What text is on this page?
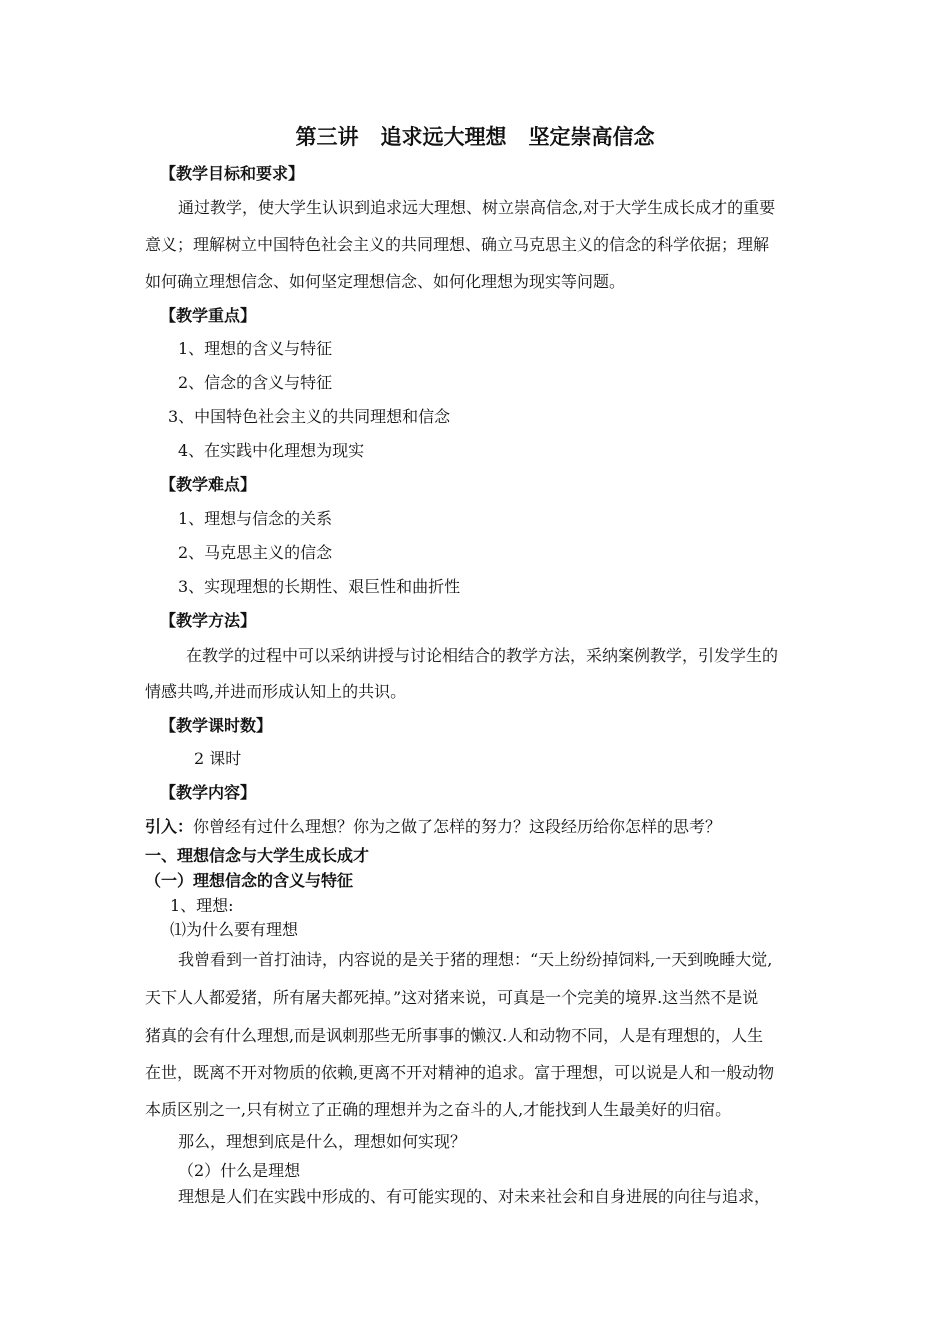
第三讲 追求远大理想 坚定崇高信念
【教学目标和要求】
通过教学，使大学生认识到追求远大理想、树立崇高信念,对于大学生成长成才的重要
意义；理解树立中国特色社会主义的共同理想、确立马克思主义的信念的科学依据；理解
如何确立理想信念、如何坚定理想信念、如何化理想为现实等问题。
【教学重点】
1、理想的含义与特征
2、信念的含义与特征
3、中国特色社会主义的共同理想和信念
4、在实践中化理想为现实
【教学难点】
1、理想与信念的关系
2、马克思主义的信念
3、实现理想的长期性、艰巨性和曲折性
【教学方法】
在教学的过程中可以采纳讲授与讨论相结合的教学方法，采纳案例教学，引发学生的
情感共鸣,并进而形成认知上的共识。
【教学课时数】
2 课时
【教学内容】
引入：你曾经有过什么理想？你为之做了怎样的努力？这段经历给你怎样的思考？
一、理想信念与大学生成长成才
（一）理想信念的含义与特征
1、理想:
⑴为什么要有理想
我曾看到一首打油诗，内容说的是关于猪的理想：“天上纷纷掉饲料,一天到晚睡大觉,
天下人人都爱猪，所有屠夫都死掉。”这对猪来说，可真是一个完美的境界.这当然不是说
猪真的会有什么理想,而是讽刺那些无所事事的懒汉.人和动物不同，人是有理想的，人生
在世，既离不开对物质的依赖,更离不开对精神的追求。富于理想，可以说是人和一般动物
本质区别之一,只有树立了正确的理想并为之奋斗的人,才能找到人生最美好的归宿。
那么，理想到底是什么，理想如何实现？
（2）什么是理想
理想是人们在实践中形成的、有可能实现的、对未来社会和自身进展的向往与追求，
